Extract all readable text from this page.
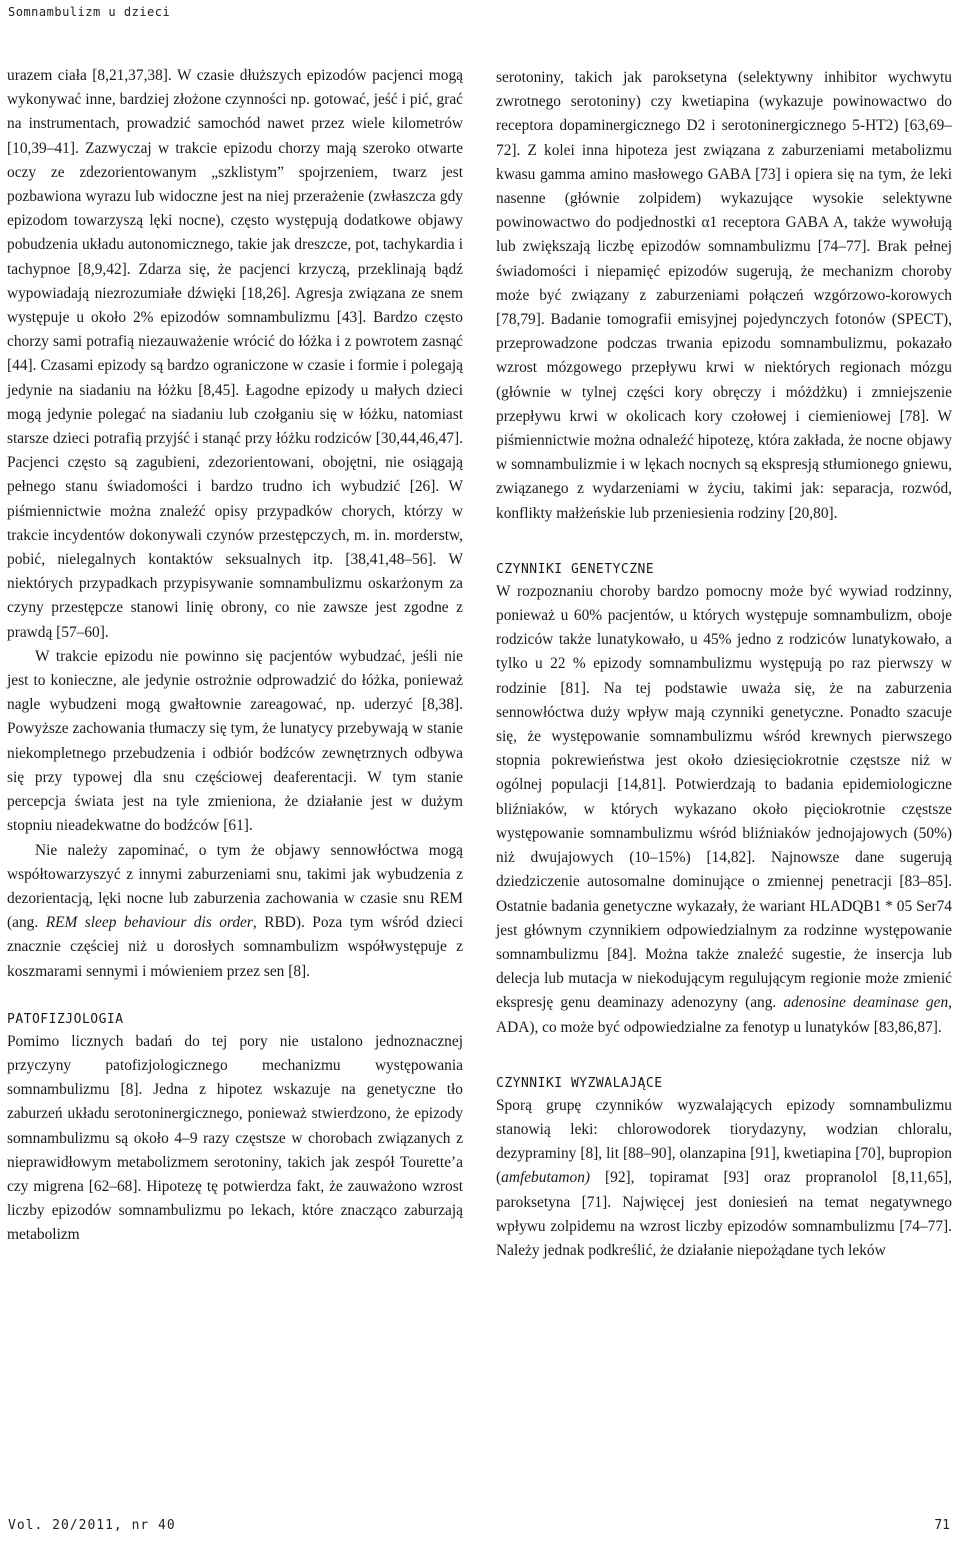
Somnambulizm u dzieci

urazem ciała [8,21,37,38]. W czasie dłuższych epizodów pacjenci mogą wykonywać inne, bardziej złożone czynności np. gotować, jeść i pić, grać na instrumentach, prowadzić samochód nawet przez wiele kilometrów [10,39–41]. Zazwyczaj w trakcie epizodu chorzy mają szeroko otwarte oczy ze zdezorientowanym „szklistym” spojrzeniem, twarz jest pozbawiona wyrazu lub widoczne jest na niej przerażenie (zwłaszcza gdy epizodom towarzyszą lęki nocne), często występują dodatkowe objawy pobudzenia układu autonomicznego, takie jak dreszcze, pot, tachykardia i tachypnoe [8,9,42]. Zdarza się, że pacjenci krzyczą, przeklinają bądź wypowiadają niezrozumiałe dźwięki [18,26]. Agresja związana ze snem występuje u około 2% epizodów somnambulizmu [43]. Bardzo często chorzy sami potrafią niezauważenie wrócić do łóżka i z powrotem zasnąć [44]. Czasami epizody są bardzo ograniczone w czasie i formie i polegają jedynie na siadaniu na łóżku [8,45]. Łagodne epizody u małych dzieci mogą jedynie polegać na siadaniu lub czołganiu się w łóżku, natomiast starsze dzieci potrafią przyjść i stanąć przy łóżku rodziców [30,44,46,47]. Pacjenci często są zagubieni, zdezorientowani, obojętni, nie osiągają pełnego stanu świadomości i bardzo trudno ich wybudzić [26]. W piśmiennictwie można znaleźć opisy przypadków chorych, którzy w trakcie incydentów dokonywali czynów przestępczych, m. in. morderstw, pobić, nielegalnych kontaktów seksualnych itp. [38,41,48–56]. W niektórych przypadkach przypisywanie somnambulizmu oskarżonym za czyny przestępcze stanowi linię obrony, co nie zawsze jest zgodne z prawdą [57–60].

W trakcie epizodu nie powinno się pacjentów wybudzać, jeśli nie jest to konieczne, ale jedynie ostrożnie odprowadzić do łóżka, ponieważ nagle wybudzeni mogą gwałtownie zareagować, np. uderzyć [8,38]. Powyższe zachowania tłumaczy się tym, że lunatycy przebywają w stanie niekompletnego przebudzenia i odbiór bodźców zewnętrznych odbywa się przy typowej dla snu częściowej deaferentacji. W tym stanie percepcja świata jest na tyle zmieniona, że działanie jest w dużym stopniu nieadekwatne do bodźców [61].

Nie należy zapominać, o tym że objawy sennowłóctwa mogą współtowarzyszyć z innymi zaburzeniami snu, takimi jak wybudzenia z dezorientacją, lęki nocne lub zaburzenia zachowania w czasie snu REM (ang. REM sleep behaviour dis order, RBD). Poza tym wśród dzieci znacznie częściej niż u dorosłych somnambulizm współwystępuje z koszmarami sennymi i mówieniem przez sen [8].

PATOFIZJOLOGIA

Pomimo licznych badań do tej pory nie ustalono jednoznacznej przyczyny patofizjologicznego mechanizmu występowania somnambulizmu [8]. Jedna z hipotez wskazuje na genetyczne tło zaburzeń układu serotoninergicznego, ponieważ stwierdzono, że epizody somnambulizmu są około 4–9 razy częstsze w chorobach związanych z nieprawidłowym metabolizmem serotoniny, takich jak zespół Tourette’a czy migrena [62–68]. Hipotezę tę potwierdza fakt, że zauważono wzrost liczby epizodów somnambulizmu po lekach, które znacząco zaburzają metabolizm

serotoniny, takich jak paroksetyna (selektywny inhibitor wychwytu zwrotnego serotoniny) czy kwetiapina (wykazuje powinowactwo do receptora dopaminergicznego D2 i serotoninergicznego 5-HT2) [63,69–72]. Z kolei inna hipoteza jest związana z zaburzeniami metabolizmu kwasu gamma amino masłowego GABA [73] i opiera się na tym, że leki nasenne (głównie zolpidem) wykazujące wysokie selektywne powinowactwo do podjednostki α1 receptora GABA A, także wywołują lub zwiększają liczbę epizodów somnambulizmu [74–77]. Brak pełnej świadomości i niepamięć epizodów sugerują, że mechanizm choroby może być związany z zaburzeniami połączeń wzgórzowo-korowych [78,79]. Badanie tomografii emisyjnej pojedynczych fotonów (SPECT), przeprowadzone podczas trwania epizodu somnambulizmu, pokazało wzrost mózgowego przepływu krwi w niektórych regionach mózgu (głównie w tylnej części kory obręczy i móżdżku) i zmniejszenie przepływu krwi w okolicach kory czołowej i ciemieniowej [78]. W piśmiennictwie można odnaleźć hipotezę, która zakłada, że nocne objawy w somnambulizmie i w lękach nocnych są ekspresją stłumionego gniewu, związanego z wydarzeniami w życiu, takimi jak: separacja, rozwód, konflikty małżeńskie lub przeniesienia rodziny [20,80].

CZYNNIKI GENETYCZNE

W rozpoznaniu choroby bardzo pomocny może być wywiad rodzinny, ponieważ u 60% pacjentów, u których występuje somnambulizm, oboje rodziców także lunatykowało, u 45% jedno z rodziców lunatykowało, a tylko u 22 % epizody somnambulizmu występują po raz pierwszy w rodzinie [81]. Na tej podstawie uważa się, że na zaburzenia sennowłóctwa duży wpływ mają czynniki genetyczne. Ponadto szacuje się, że występowanie somnambulizmu wśród krewnych pierwszego stopnia pokrewieństwa jest około dziesięciokrotnie częstsze niż w ogólnej populacji [14,81]. Potwierdzają to badania epidemiologiczne bliźniaków, w których wykazano około pięciokrotnie częstsze występowanie somnambulizmu wśród bliźniaków jednojajowych (50%) niż dwujajowych (10–15%) [14,82]. Najnowsze dane sugerują dziedziczenie autosomalne dominujące o zmiennej penetracji [83–85]. Ostatnie badania genetyczne wykazały, że wariant HLADQB1 * 05 Ser74 jest głównym czynnikiem odpowiedzialnym za rodzinne występowanie somnambulizmu [84]. Można także znaleźć sugestie, że insercja lub delecja lub mutacja w niekodującym regulującym regionie może zmienić ekspresję genu deaminazy adenozyny (ang. adenosine deaminase gen, ADA), co może być odpowiedzialne za fenotyp u lunatyków [83,86,87].

CZYNNIKI WYZWALAJĄCE

Sporą grupę czynników wyzwalających epizody somnambulizmu stanowią leki: chlorowodorek tiorydazyny, wodzian chloralu, dezypraminy [8], lit [88–90], olanzapina [91], kwetiapina [70], bupropion (amfebutamon) [92], topiramat [93] oraz propranolol [8,11,65], paroksetyna [71]. Najwięcej jest doniesień na temat negatywnego wpływu zolpidemu na wzrost liczby epizodów somnambulizmu [74–77]. Należy jednak podkreślić, że działanie niepożądane tych leków

Vol. 20/2011, nr 40	71
